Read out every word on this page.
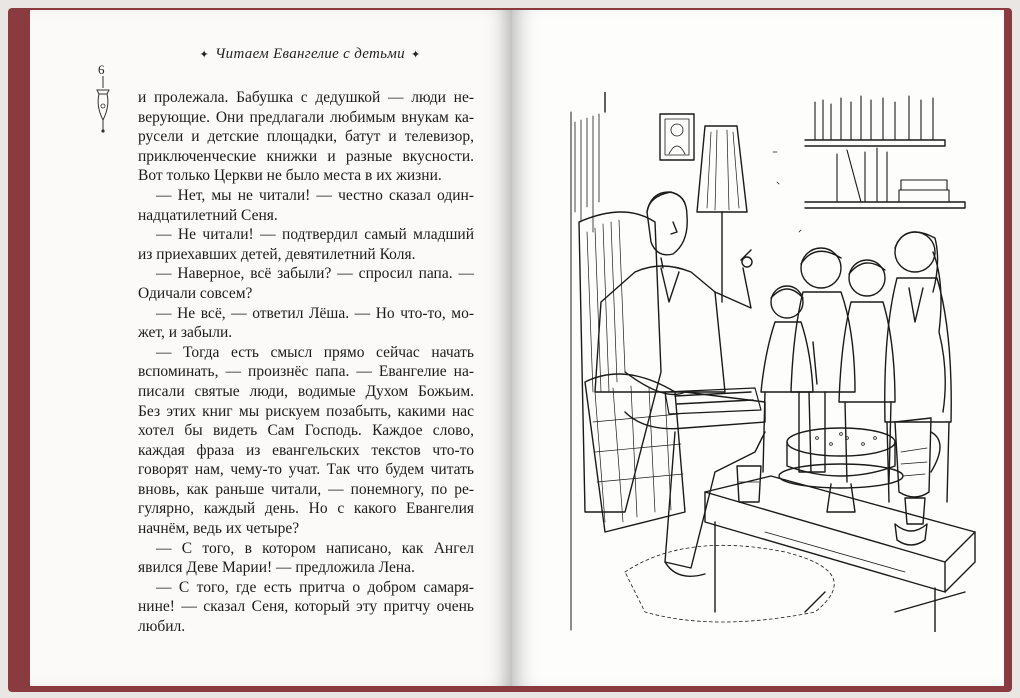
6
✦ Читаем Евангелие с детьми ✦

и пролежала. Бабушка с дедушкой — люди не-

верующие. Они предлагали любимым внукам ка-

русели и детские площадки, батут и телевизор,

приключенческие книжки и разные вкусности.

Вот только Церкви не было места в их жизни.

— Нет, мы не читали! — честно сказал один-

надцатилетний Сеня.

— Не читали! — подтвердил самый младший

из приехавших детей, девятилетний Коля.

— Наверное, всё забыли? — спросил папа. —

Одичали совсем?

— Не всё, — ответил Лёша. — Но что-то, мо-

жет, и забыли.

— Тогда есть смысл прямо сейчас начать

вспоминать, — произнёс папа. — Евангелие на-

писали святые люди, водимые Духом Божьим.

Без этих книг мы рискуем позабыть, какими нас

хотел бы видеть Сам Господь. Каждое слово,

каждая фраза из евангельских текстов что-то

говорят нам, чему-то учат. Так что будем читать

вновь, как раньше читали, — понемногу, по ре-

гулярно, каждый день. Но с какого Евангелия

начнём, ведь их четыре?

— С того, в котором написано, как Ангел

явился Деве Марии! — предложила Лена.

— С того, где есть притча о добром самаря-

нине! — сказал Сеня, который эту притчу очень

любил.
